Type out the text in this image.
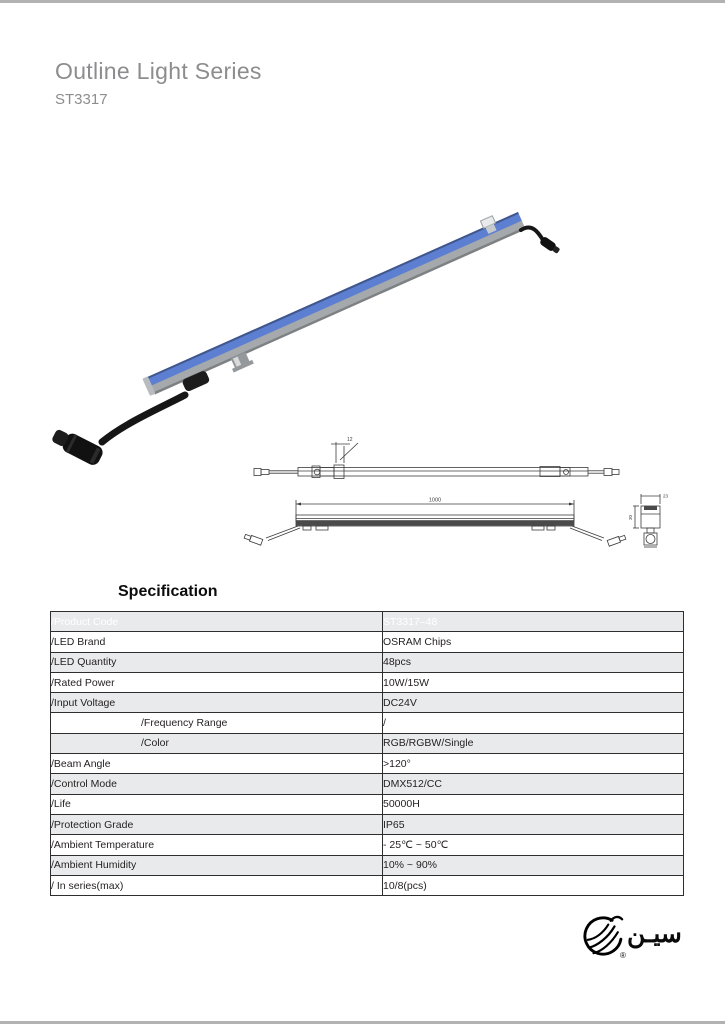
Outline Light Series
ST3317
12
1000
23
30
Specification
/Product Code	ST3317–48
/LED Brand	OSRAM Chips
/LED Quantity	48pcs
/Rated Power	10W/15W
/Input Voltage	DC24V
/Frequency Range	/
/Color	RGB/RGBW/Single
/Beam Angle	>120°
/Control Mode	DMX512/CC
/Life	50000H
/Protection Grade	IP65
/Ambient Temperature	- 25℃ ~ 50℃
/Ambient Humidity	10% ~ 90%
/ In series(max)	10/8(pcs)
سيـن
®
